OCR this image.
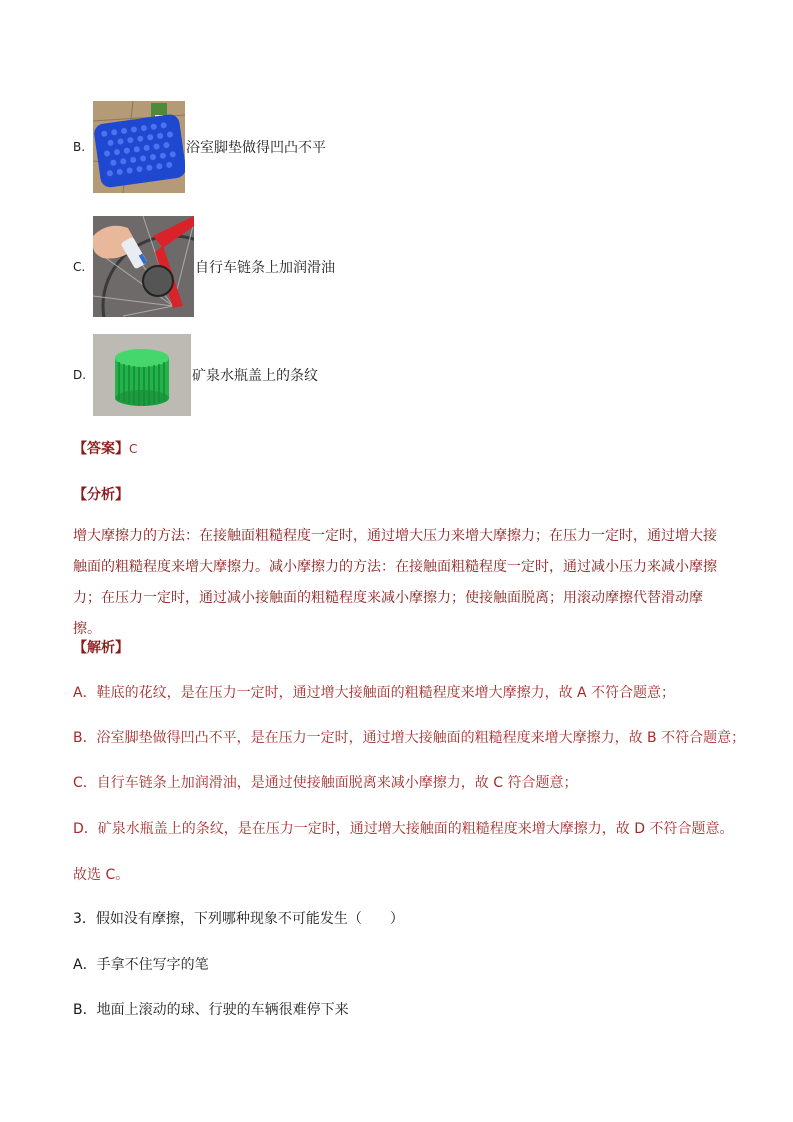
B.	浴室脚垫做得凹凸不平
C.	自行车链条上加润滑油
D.	矿泉水瓶盖上的条纹
【答案】C
【分析】
增大摩擦力的方法：在接触面粗糙程度一定时，通过增大压力来增大摩擦力；在压力一定时，通过增大接
触面的粗糙程度来增大摩擦力。减小摩擦力的方法：在接触面粗糙程度一定时，通过减小压力来减小摩擦
力；在压力一定时，通过减小接触面的粗糙程度来减小摩擦力；使接触面脱离；用滚动摩擦代替滑动摩擦。
【解析】
A．鞋底的花纹，是在压力一定时，通过增大接触面的粗糙程度来增大摩擦力，故 A 不符合题意；
B．浴室脚垫做得凹凸不平，是在压力一定时，通过增大接触面的粗糙程度来增大摩擦力，故 B 不符合题意；
C．自行车链条上加润滑油，是通过使接触面脱离来减小摩擦力，故 C 符合题意；
D．矿泉水瓶盖上的条纹，是在压力一定时，通过增大接触面的粗糙程度来增大摩擦力，故 D 不符合题意。
故选 C。
3．假如没有摩擦，下列哪种现象不可能发生（　　）
A．手拿不住写字的笔
B．地面上滚动的球、行驶的车辆很难停下来
